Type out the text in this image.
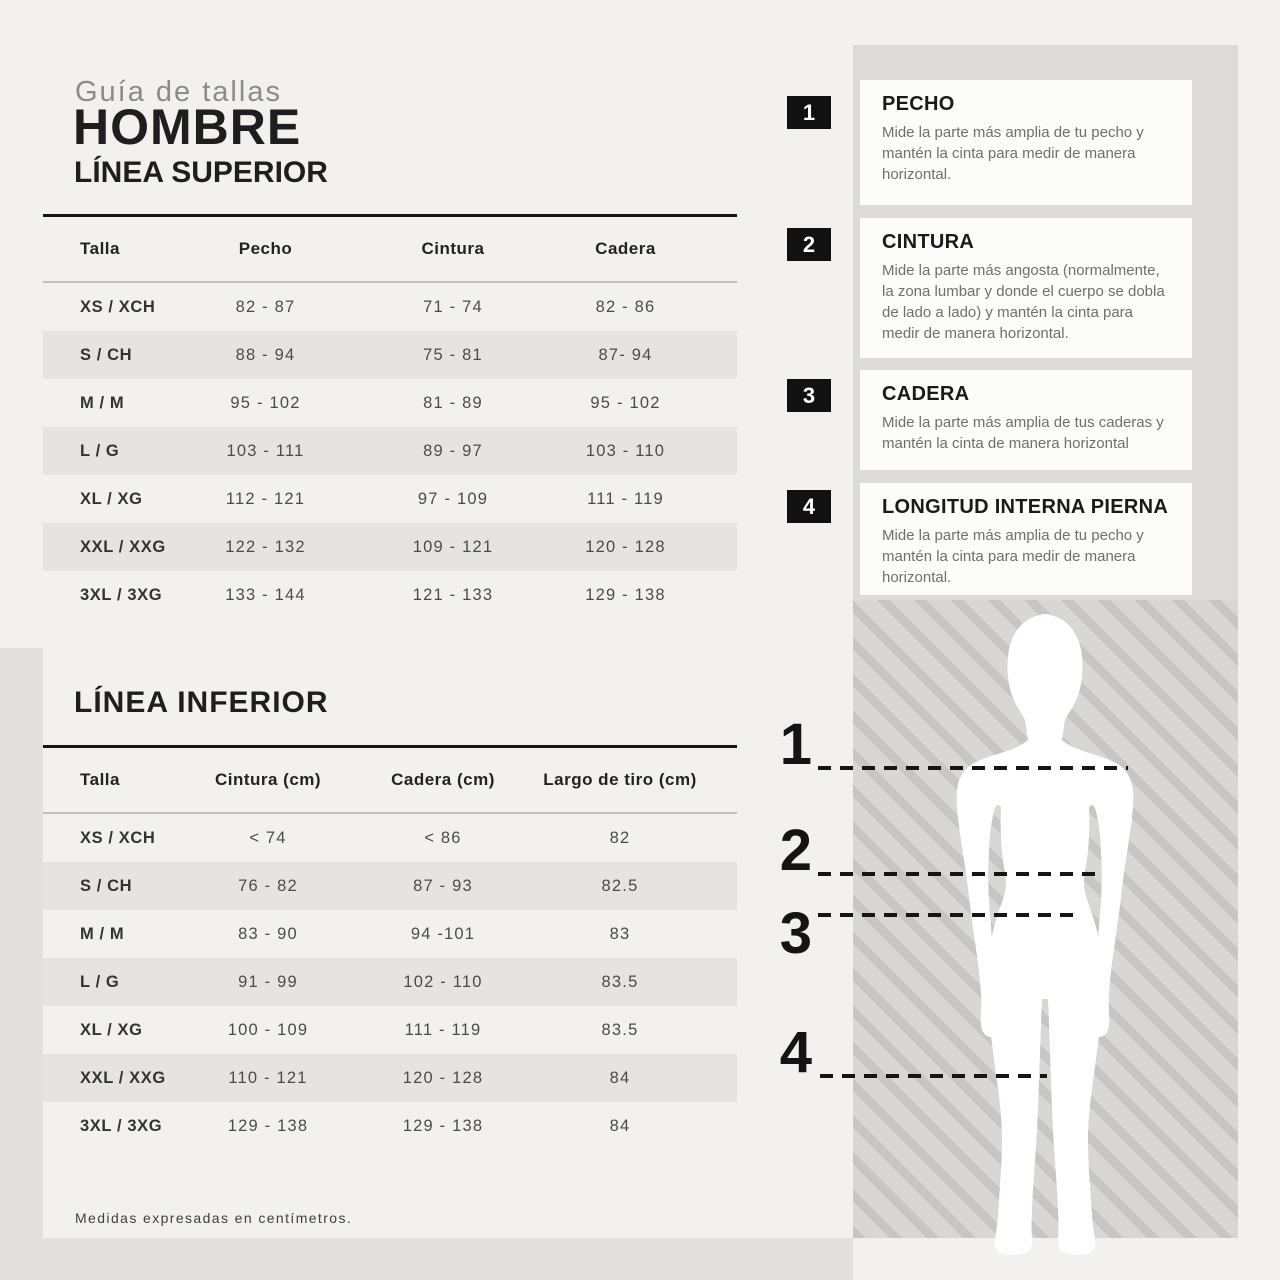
Guía de tallas
HOMBRE
LÍNEA SUPERIOR
Talla	Pecho	Cintura	Cadera
XS / XCH	82 - 87	71 - 74	82 - 86
S / CH	88 - 94	75 - 81	87- 94
M / M	95 - 102	81 - 89	95 - 102
L / G	103 - 111	89 - 97	103 - 110
XL / XG	112 - 121	97 - 109	111 - 119
XXL / XXG	122 - 132	109 - 121	120 - 128
3XL / 3XG	133 - 144	121 - 133	129 - 138
LÍNEA INFERIOR
Talla	Cintura (cm)	Cadera (cm)	Largo de tiro (cm)
XS / XCH	< 74	< 86	82
S / CH	76 - 82	87 - 93	82.5
M / M	83 - 90	94 -101	83
L / G	91 - 99	102 - 110	83.5
XL / XG	100 - 109	111 - 119	83.5
XXL / XXG	110 - 121	120 - 128	84
3XL / 3XG	129 - 138	129 - 138	84
Medidas expresadas en centímetros.
1
2
3
4
PECHO

Mide la parte más amplia de tu pecho y mantén la cinta para medir de manera horizontal.

CINTURA

Mide la parte más angosta (normalmente, la zona lumbar y donde el cuerpo se dobla de lado a lado) y mantén la cinta para medir de manera horizontal.

CADERA

Mide la parte más amplia de tus caderas y mantén la cinta de manera horizontal

LONGITUD INTERNA PIERNA

Mide la parte más amplia de tu pecho y mantén la cinta para medir de manera horizontal.

1
2
3
4
